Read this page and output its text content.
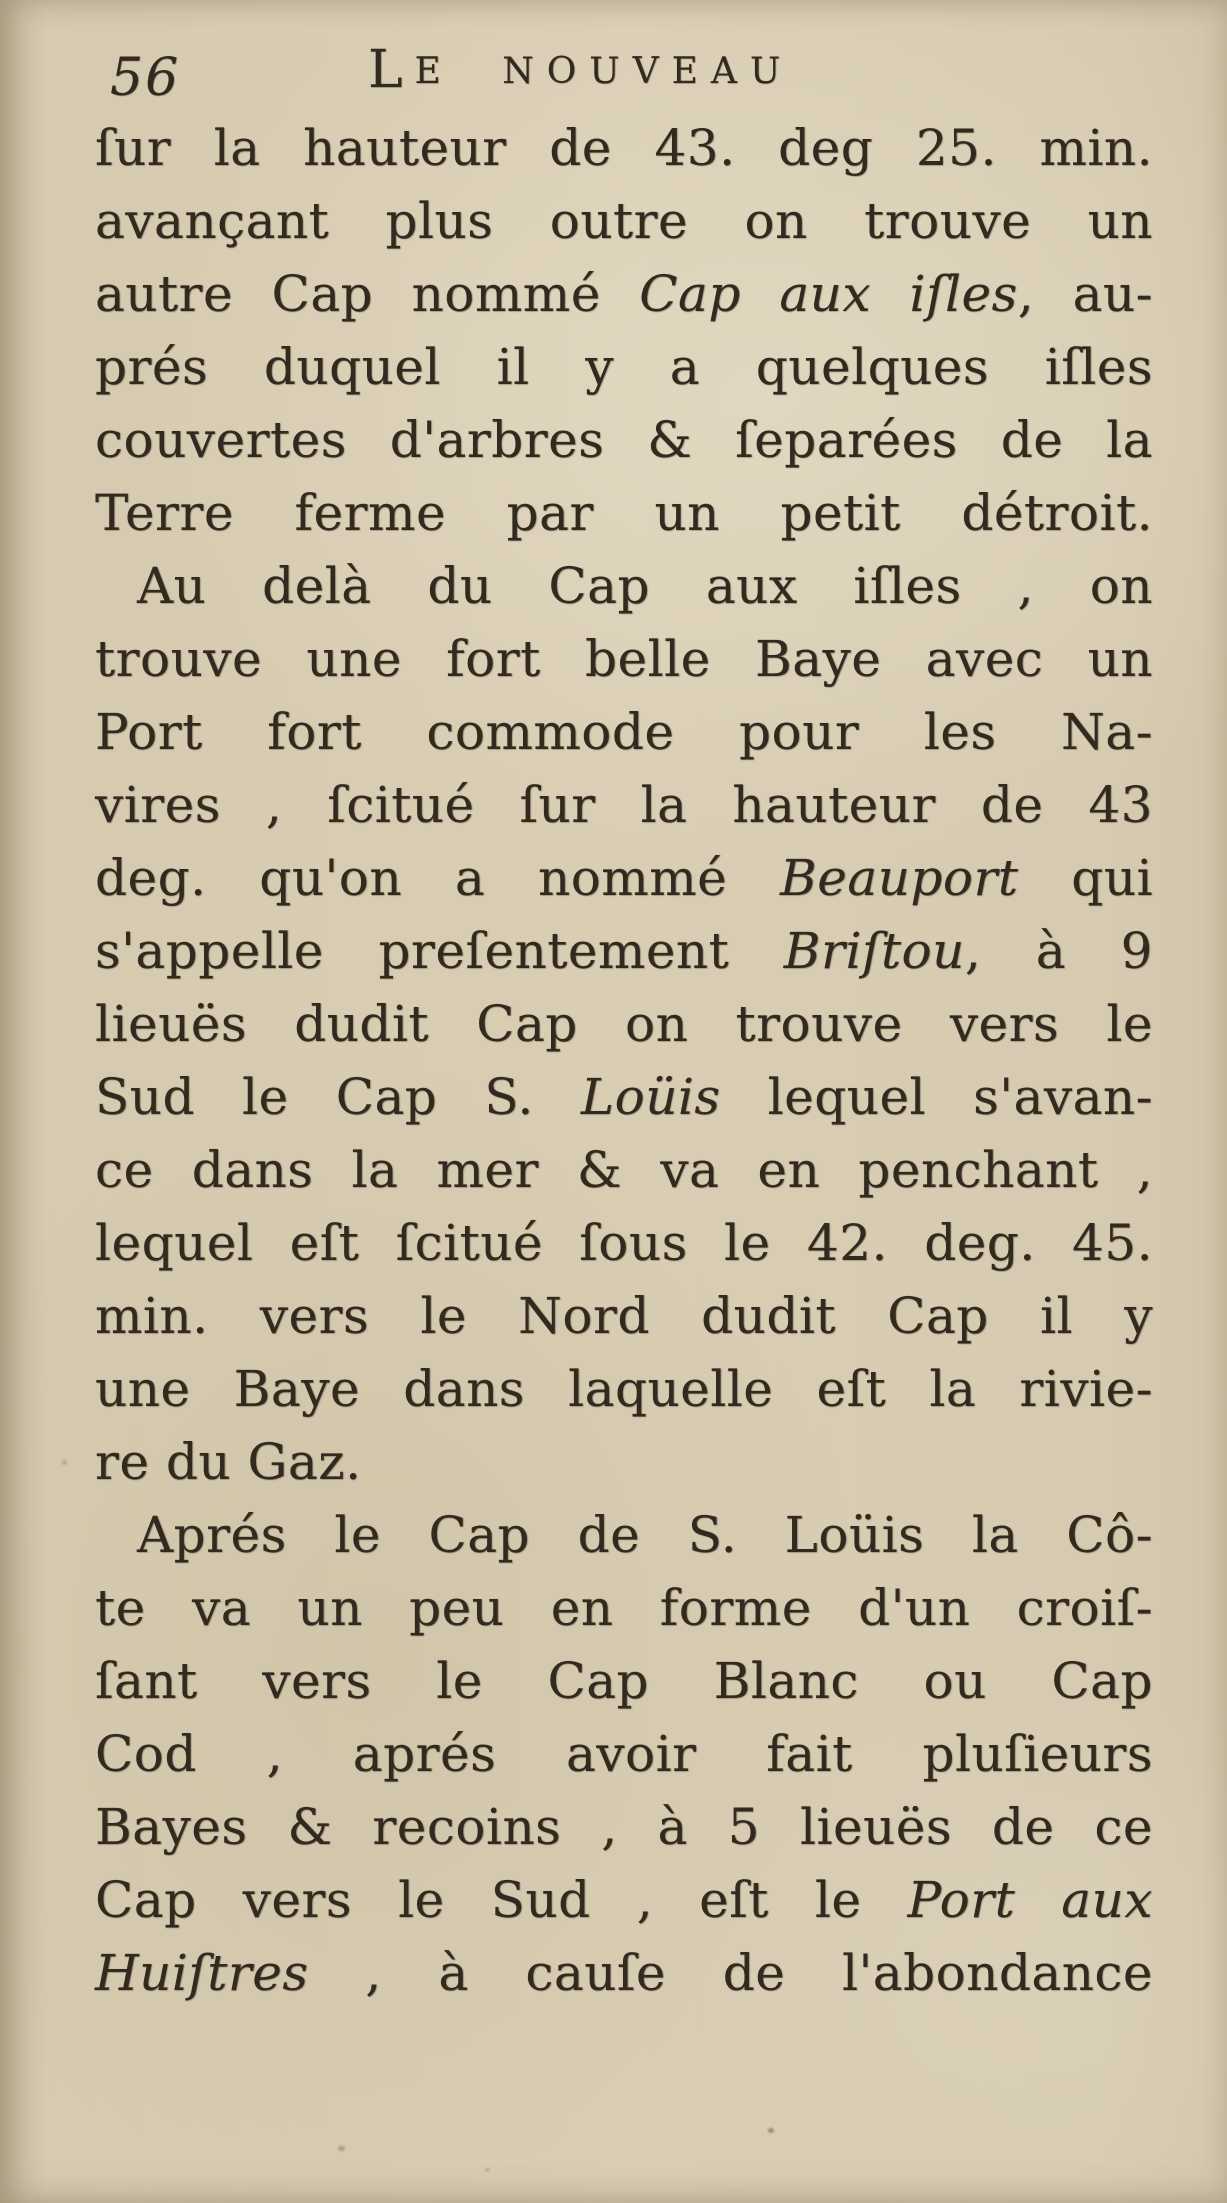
56	LE NOUVEAU
ſur la hauteur de 43. deg 25. min.
avançant plus outre on trouve un
autre Cap nommé Cap aux iſles, au-
prés duquel il y a quelques iſles
couvertes d'arbres & ſeparées de la
Terre ferme par un petit détroit.
Au delà du Cap aux iſles , on
trouve une fort belle Baye avec un
Port fort commode pour les Na-
vires , ſcitué ſur la hauteur de 43
deg. qu'on a nommé Beauport qui
s'appelle preſentement Briſtou, à 9
lieuës dudit Cap on trouve vers le
Sud le Cap S. Loüis lequel s'avan-
ce dans la mer & va en penchant ,
lequel eſt ſcitué ſous le 42. deg. 45.
min. vers le Nord dudit Cap il y
une Baye dans laquelle eſt la rivie-
re du Gaz.
Aprés le Cap de S. Loüis la Cô-
te va un peu en forme d'un croiſ-
ſant vers le Cap Blanc ou Cap
Cod , aprés avoir fait pluſieurs
Bayes & recoins , à 5 lieuës de ce
Cap vers le Sud , eſt le Port aux
Huiſtres , à cauſe de l'abondance
